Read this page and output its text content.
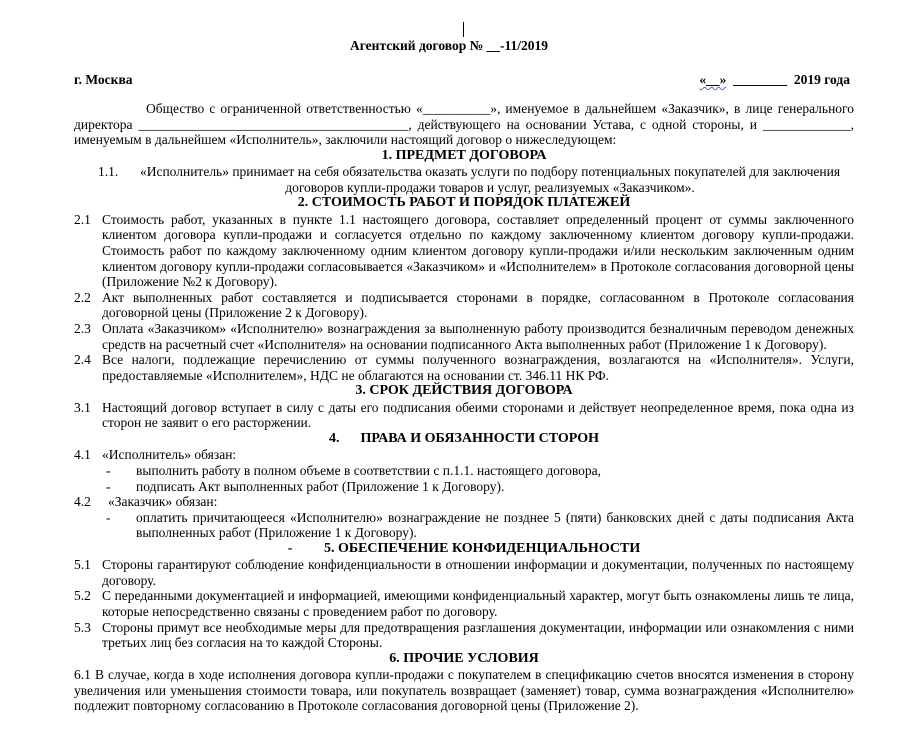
Агентский договор № __-11/2019
г. Москва	«__»  ________  2019 года

Общество с ограниченной ответственностью «__________», именуемое в дальнейшем «Заказчик», в лице генерального директора ________________________________________, действующего на основании Устава, с одной стороны, и _____________, именуемым в дальнейшем «Исполнитель», заключили настоящий договор о нижеследующем:

1. ПРЕДМЕТ ДОГОВОРА

1.1.	«Исполнитель» принимает на себя обязательства оказать услуги по подбору потенциальных покупателей для заключения договоров купли-продажи товаров и услуг, реализуемых «Заказчиком».

2. СТОИМОСТЬ РАБОТ И ПОРЯДОК ПЛАТЕЖЕЙ

2.1 Стоимость работ, указанных в пункте 1.1 настоящего договора, составляет определенный процент от суммы заключенного клиентом договора купли-продажи и согласуется отдельно по каждому заключенному клиентом договору купли-продажи. Стоимость работ по каждому заключенному одним клиентом договору купли-продажи и/или нескольким заключенным одним клиентом договору купли-продажи согласовывается «Заказчиком» и «Исполнителем» в Протоколе согласования договорной цены (Приложение №2 к Договору).
2.2 Акт выполненных работ составляется и подписывается сторонами в порядке, согласованном в Протоколе согласования договорной цены (Приложение 2 к Договору).
2.3 Оплата «Заказчиком» «Исполнителю» вознаграждения за выполненную работу производится безналичным переводом денежных средств на расчетный счет «Исполнителя» на основании подписанного Акта выполненных работ (Приложение 1 к Договору).
2.4 Все налоги, подлежащие перечислению от суммы полученного вознаграждения, возлагаются на «Исполнителя». Услуги, предоставляемые «Исполнителем», НДС не облагаются на основании ст. 346.11 НК РФ.

3. СРОК ДЕЙСТВИЯ ДОГОВОРА

3.1 Настоящий договор вступает в силу с даты его подписания обеими сторонами и действует неопределенное время, пока одна из сторон не заявит о его расторжении.

4.      ПРАВА И ОБЯЗАННОСТИ СТОРОН

4.1 «Исполнитель» обязан:
-	выполнить работу в полном объеме в соответствии с п.1.1. настоящего договора,
-	подписать Акт выполненных работ (Приложение 1 к Договору).
4.2	«Заказчик» обязан:
-	оплатить причитающееся «Исполнителю» вознаграждение не позднее 5 (пяти) банковских дней с даты подписания Акта выполненных работ (Приложение 1 к Договору).

-         5. ОБЕСПЕЧЕНИЕ КОНФИДЕНЦИАЛЬНОСТИ

5.1 Стороны гарантируют соблюдение конфиденциальности в отношении информации и документации, полученных по настоящему договору.
5.2 С переданными документацией и информацией, имеющими конфиденциальный характер, могут быть ознакомлены лишь те лица, которые непосредственно связаны с проведением работ по договору.
5.3 Стороны примут все необходимые меры для предотвращения разглашения документации, информации или ознакомления с ними третьих лиц без согласия на то каждой Стороны.

6. ПРОЧИЕ УСЛОВИЯ

6.1 В случае, когда в ходе исполнения договора купли-продажи с покупателем в спецификацию счетов вносятся изменения в сторону увеличения или уменьшения стоимости товара, или покупатель возвращает (заменяет) товар, сумма вознаграждения «Исполнителю» подлежит повторному согласованию в Протоколе согласования договорной цены (Приложение 2).
